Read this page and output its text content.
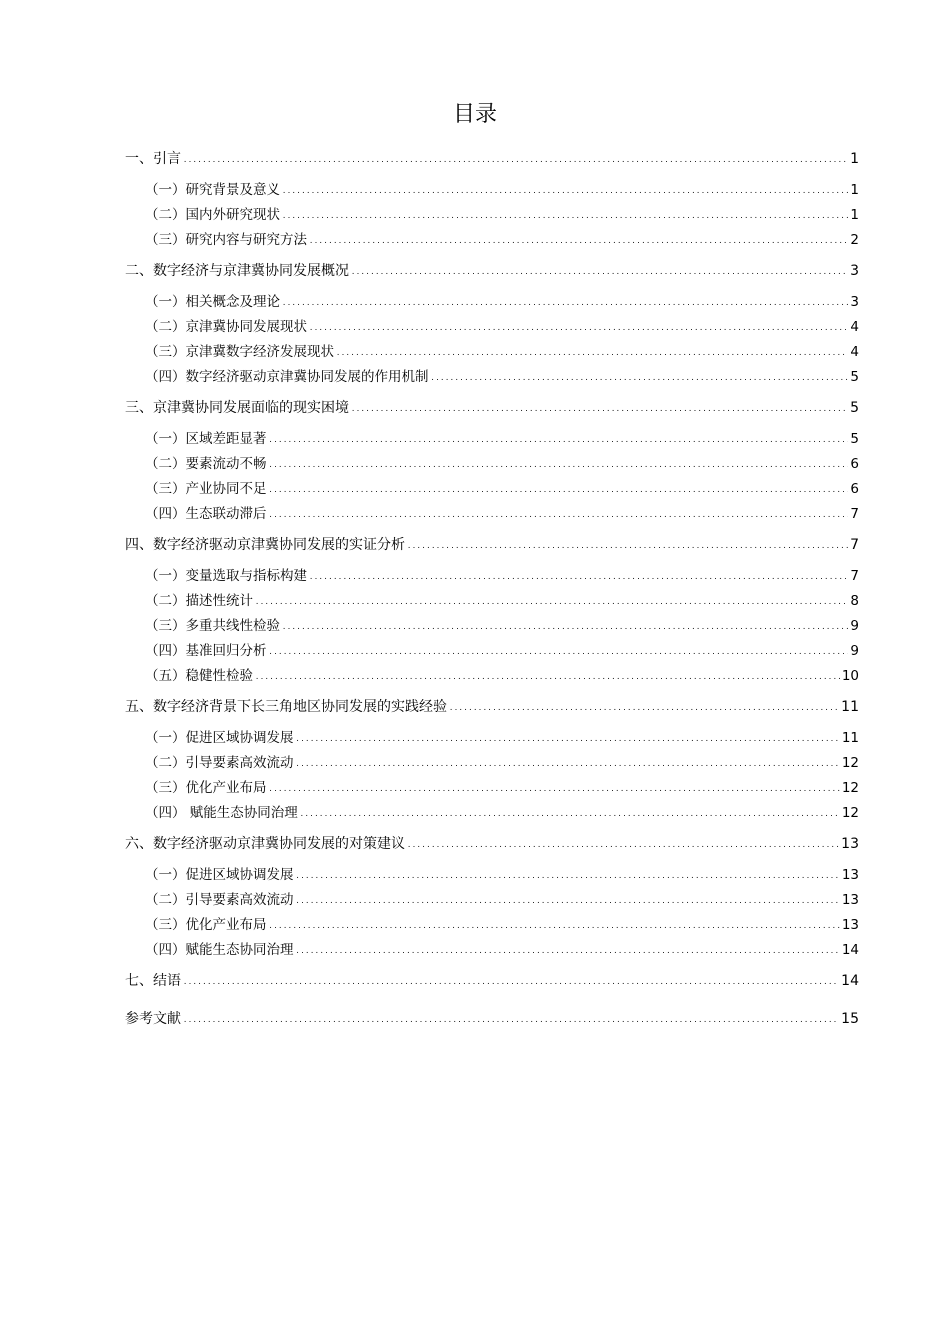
目录
一、引言 .....	1
（一）研究背景及意义 .....	1
（二）国内外研究现状 .....	1
（三）研究内容与研究方法 .....	2
二、数字经济与京津冀协同发展概况 .....	3
（一）相关概念及理论 .....	3
（二）京津冀协同发展现状 .....	4
（三）京津冀数字经济发展现状 .....	4
（四）数字经济驱动京津冀协同发展的作用机制 .....	5
三、京津冀协同发展面临的现实困境 .....	5
（一）区域差距显著 .....	5
（二）要素流动不畅 .....	6
（三）产业协同不足 .....	6
（四）生态联动滞后 .....	7
四、数字经济驱动京津冀协同发展的实证分析 .....	7
（一）变量选取与指标构建 .....	7
（二）描述性统计 .....	8
（三）多重共线性检验 .....	9
（四）基准回归分析 .....	9
（五）稳健性检验 .....	10
五、数字经济背景下长三角地区协同发展的实践经验 .....	11
（一）促进区域协调发展 .....	11
（二）引导要素高效流动 .....	12
（三）优化产业布局 .....	12
（四） 赋能生态协同治理 .....	12
六、数字经济驱动京津冀协同发展的对策建议 .....	13
（一）促进区域协调发展 .....	13
（二）引导要素高效流动 .....	13
（三）优化产业布局 .....	13
（四）赋能生态协同治理 .....	14
七、结语 .....	14
参考文献 .....	15
